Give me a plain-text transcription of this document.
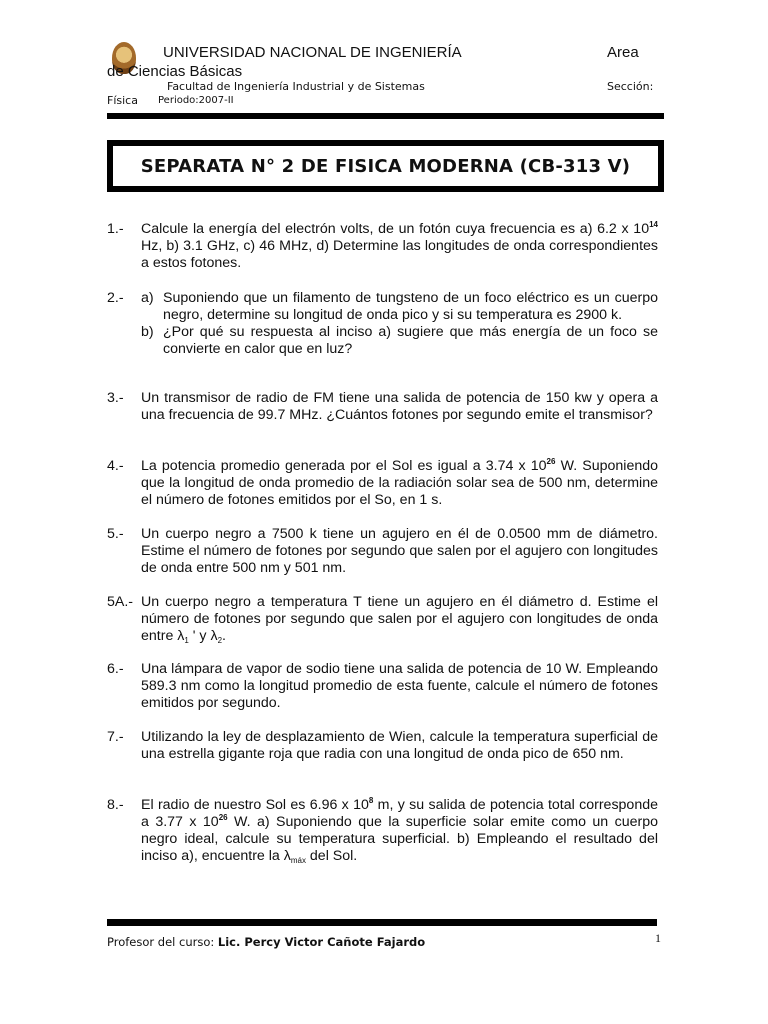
UNIVERSIDAD NACIONAL DE INGENIERÍA	Area
de Ciencias Básicas
Facultad de Ingeniería Industrial y de Sistemas	Sección:
Física Periodo:2007-II
SEPARATA N° 2 DE FISICA MODERNA (CB-313 V)
1.- Calcule la energía del electrón volts, de un fotón cuya frecuencia es a) 6.2 x $10^{14}$ Hz, b) 3.1 GHz, c) 46 MHz, d) Determine las longitudes de onda correspondientes a estos fotones.
2.- a) Suponiendo que un filamento de tungsteno de un foco eléctrico es un cuerpo negro, determine su longitud de onda pico y si su temperatura es 2900 k.
b) ¿Por qué su respuesta al inciso a) sugiere que más energía de un foco se convierte en calor que en luz?
3.- Un transmisor de radio de FM tiene una salida de potencia de 150 kw y opera a una frecuencia de 99.7 MHz. ¿Cuántos fotones por segundo emite el transmisor?
4.- La potencia promedio generada por el Sol es igual a 3.74 x $10^{26}$ W. Suponiendo que la longitud de onda promedio de la radiación solar sea de 500 nm, determine el número de fotones emitidos por el So, en 1 s.
5.- Un cuerpo negro a 7500 k tiene un agujero en él de 0.0500 mm de diámetro. Estime el número de fotones por segundo que salen por el agujero con longitudes de onda entre 500 nm y 501 nm.
5A.- Un cuerpo negro a temperatura T tiene un agujero en él diámetro d. Estime el número de fotones por segundo que salen por el agujero con longitudes de onda entre $\lambda_1$ ' y $\lambda_2$.
6.- Una lámpara de vapor de sodio tiene una salida de potencia de 10 W. Empleando 589.3 nm como la longitud promedio de esta fuente, calcule el número de fotones emitidos por segundo.
7.- Utilizando la ley de desplazamiento de Wien, calcule la temperatura superficial de una estrella gigante roja que radia con una longitud de onda pico de 650 nm.
8.- El radio de nuestro Sol es 6.96 x $10^8$ m, y su salida de potencia total corresponde a 3.77 x $10^{26}$ W. a) Suponiendo que la superficie solar emite como un cuerpo negro ideal, calcule su temperatura superficial. b) Empleando el resultado del inciso a), encuentre la $\lambda_{máx}$ del Sol.
Profesor del curso: Lic. Percy Victor Cañote Fajardo	1
